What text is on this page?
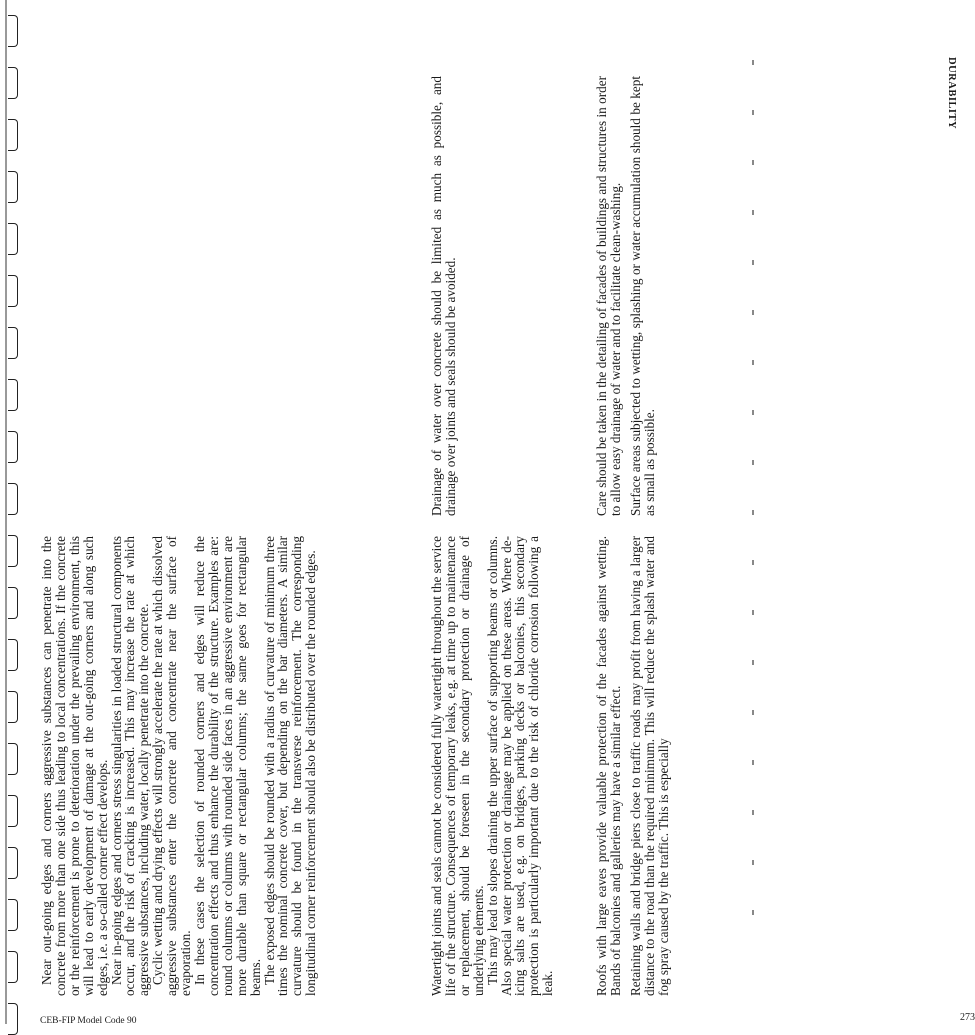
Near out-going edges and corners aggressive substances can penetrate into the concrete from more than one side thus leading to local concentrations. If the concrete or the reinforcement is prone to deterioration under the prevailing environment, this will lead to early development of damage at the out-going corners and along such edges, i.e. a so-called corner effect develops.

Near in-going edges and corners stress singularities in loaded structural components occur, and the risk of cracking is increased. This may increase the rate at which aggressive substances, including water, locally penetrate into the concrete.

Cyclic wetting and drying effects will strongly accelerate the rate at which dissolved aggressive substances enter the concrete and concentrate near the surface of evaporation.

In these cases the selection of rounded corners and edges will reduce the concentration effects and thus enhance the durability of the structure. Examples are: round columns or columns with rounded side faces in an aggressive environment are more durable than square or rectangular columns; the same goes for rectangular beams.

The exposed edges should be rounded with a radius of curvature of minimum three times the nominal concrete cover, but depending on the bar diameters. A similar curvature should be found in the transverse reinforcement. The corresponding longitudinal corner reinforcement should also be distributed over the rounded edges.	Watertight joints and seals cannot be considered fully watertight throughout the service life of the structure. Consequences of temporary leaks, e.g. at time up to maintenance or replacement, should be foreseen in the secondary protection or drainage of underlying elements.

This may lead to slopes draining the upper surface of supporting beams or columns. Also special water protection or drainage may be applied on these areas. Where de-icing salts are used, e.g. on bridges, parking decks or balconies, this secondary protection is particularly important due to the risk of chloride corrosion following a leak.	Roofs with large eaves provide valuable protection of the facades against wetting. Bands of balconies and galleries may have a similar effect. Retaining walls and bridge piers close to traffic roads may profit from having a larger distance to the road than the required minimum. This will reduce the splash water and fog spray caused by the traffic. This is especially

Drainage of water over concrete should be limited as much as possible, and drainage over joints and seals should be avoided.	Care should be taken in the detailing of facades of buildings and structures in order to allow easy drainage of water and to facilitate clean-washing. Surface areas subjected to wetting, splashing or water accumulation should be kept as small as possible.

DURABILITY
273
CEB-FIP Model Code 90
